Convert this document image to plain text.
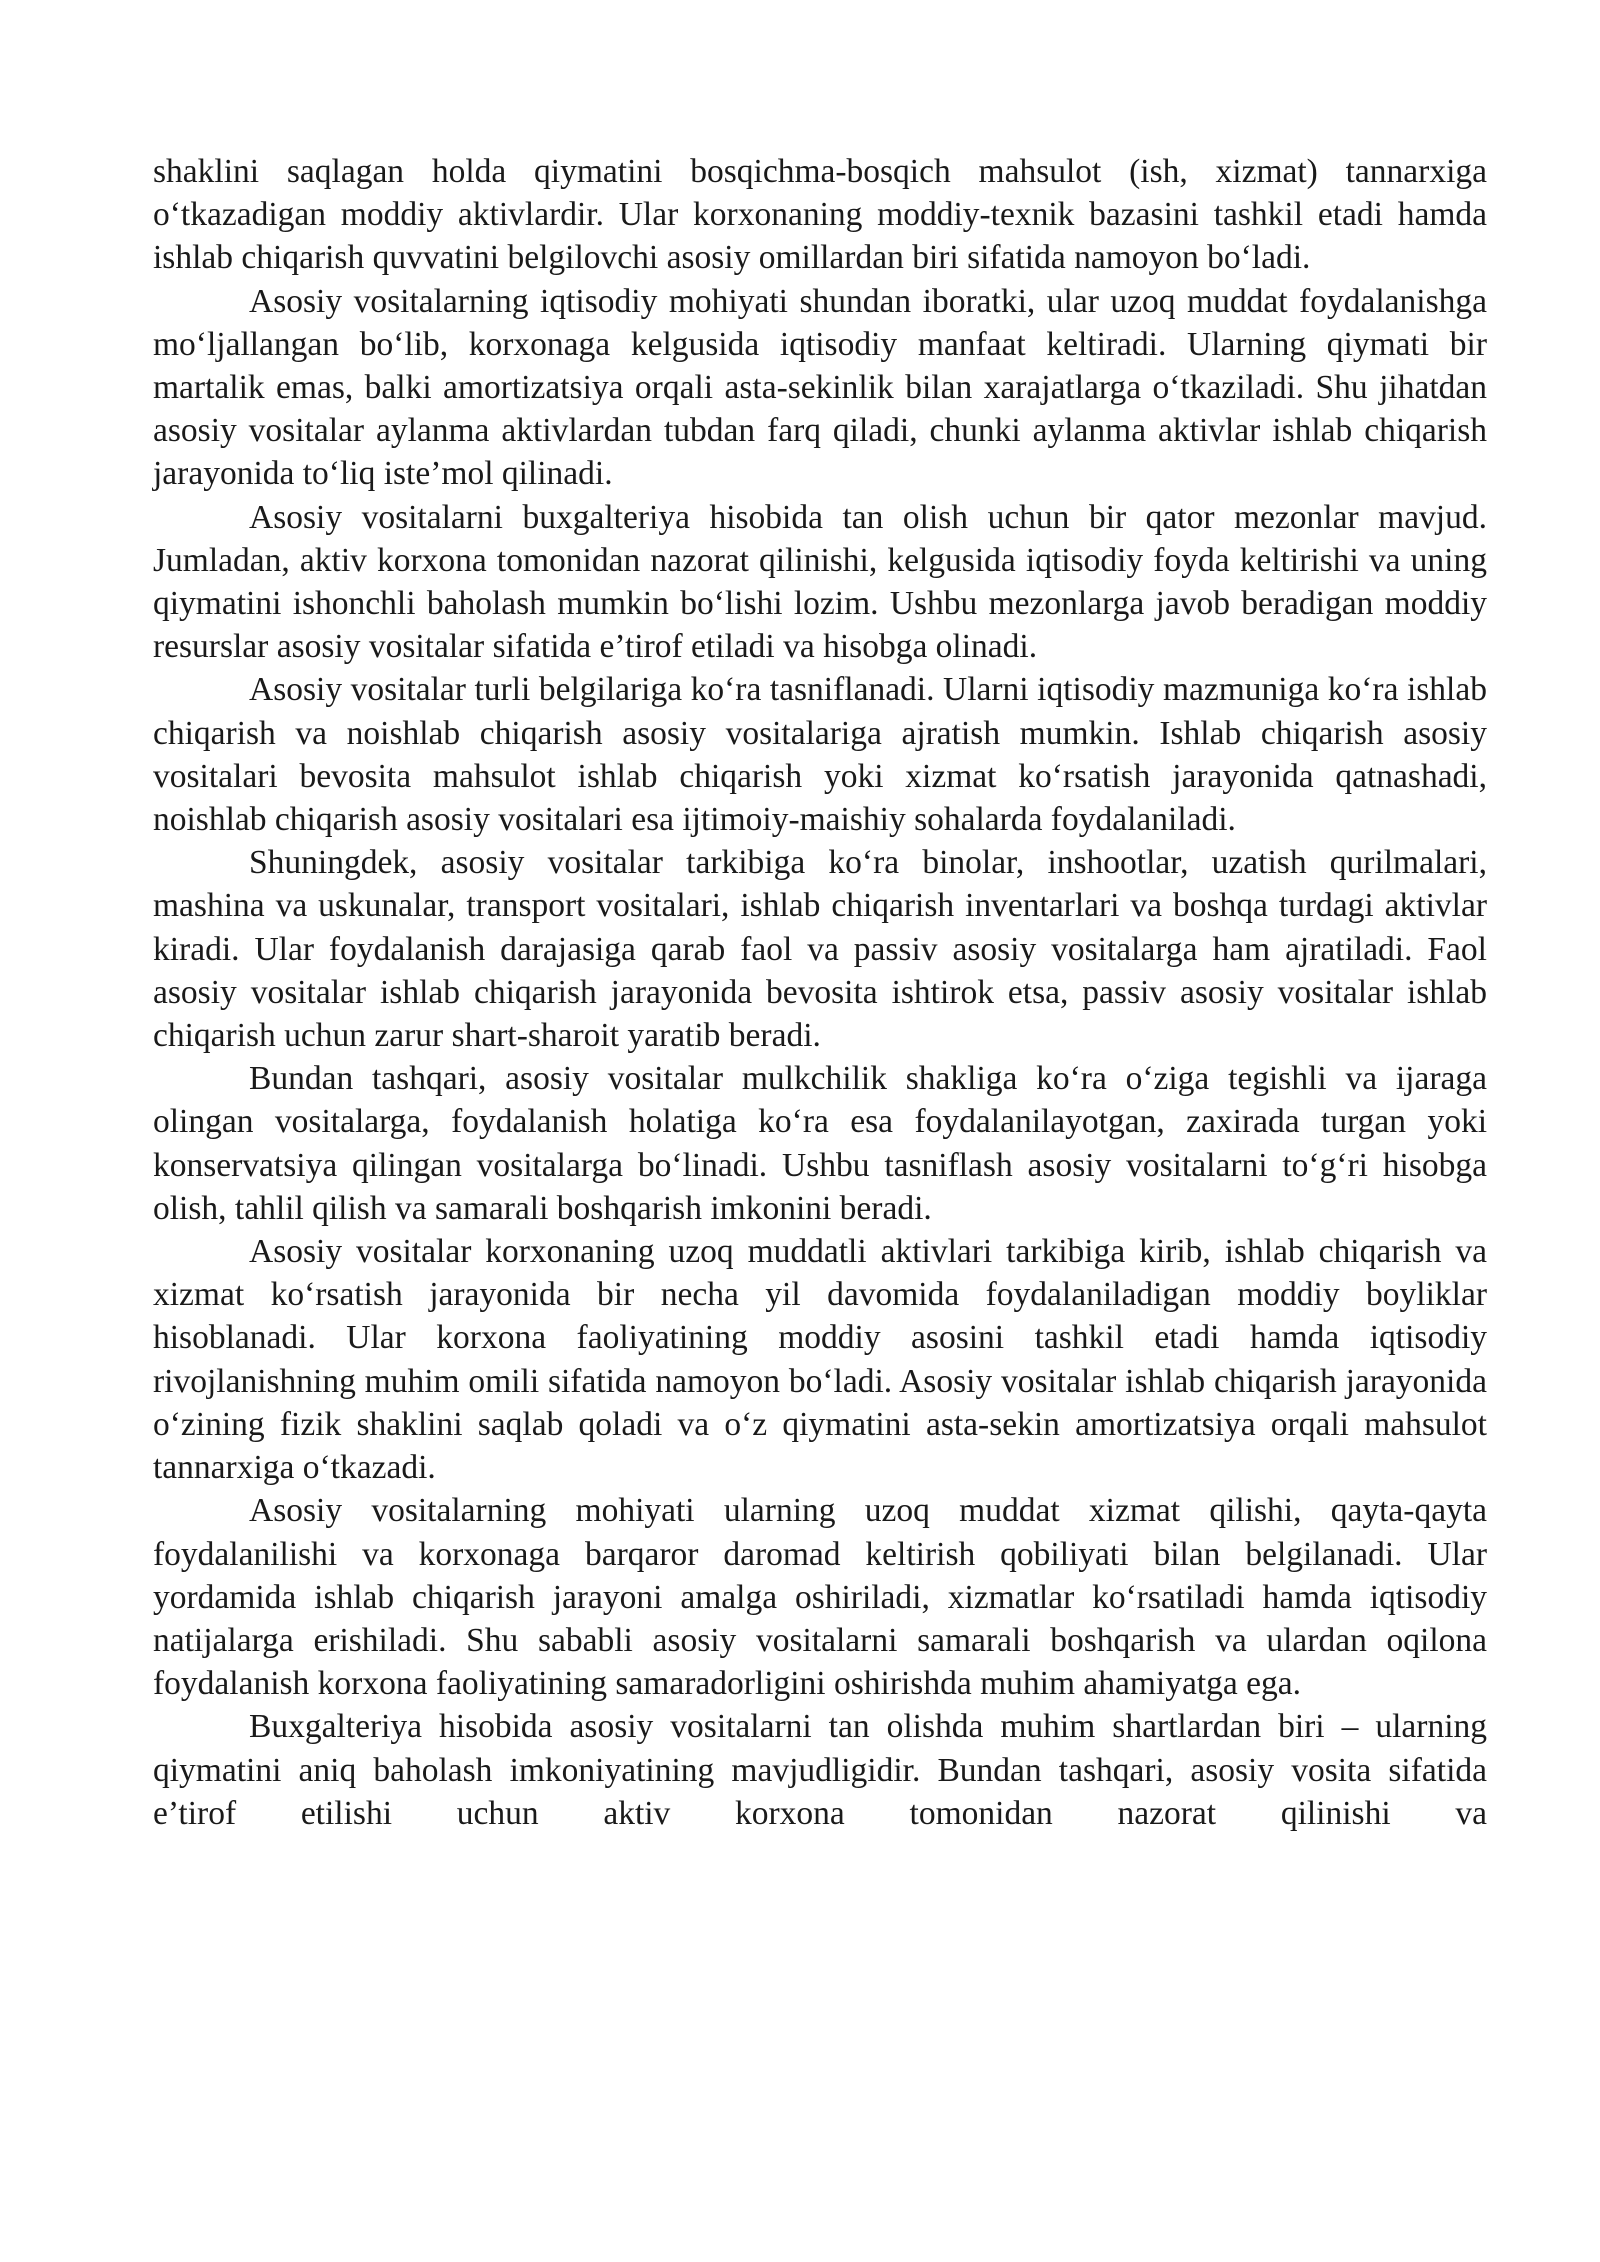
shaklini saqlagan holda qiymatini bosqichma-bosqich mahsulot (ish, xizmat) tannarxiga o‘tkazadigan moddiy aktivlardir. Ular korxonaning moddiy-texnik bazasini tashkil etadi hamda ishlab chiqarish quvvatini belgilovchi asosiy omillardan biri sifatida namoyon bo‘ladi.

Asosiy vositalarning iqtisodiy mohiyati shundan iboratki, ular uzoq muddat foydalanishga mo‘ljallangan bo‘lib, korxonaga kelgusida iqtisodiy manfaat keltiradi. Ularning qiymati bir martalik emas, balki amortizatsiya orqali asta-sekinlik bilan xarajatlarga o‘tkaziladi. Shu jihatdan asosiy vositalar aylanma aktivlardan tubdan farq qiladi, chunki aylanma aktivlar ishlab chiqarish jarayonida to‘liq iste’mol qilinadi.

Asosiy vositalarni buxgalteriya hisobida tan olish uchun bir qator mezonlar mavjud. Jumladan, aktiv korxona tomonidan nazorat qilinishi, kelgusida iqtisodiy foyda keltirishi va uning qiymatini ishonchli baholash mumkin bo‘lishi lozim. Ushbu mezonlarga javob beradigan moddiy resurslar asosiy vositalar sifatida e’tirof etiladi va hisobga olinadi.

Asosiy vositalar turli belgilariga ko‘ra tasniflanadi. Ularni iqtisodiy mazmuniga ko‘ra ishlab chiqarish va noishlab chiqarish asosiy vositalariga ajratish mumkin. Ishlab chiqarish asosiy vositalari bevosita mahsulot ishlab chiqarish yoki xizmat ko‘rsatish jarayonida qatnashadi, noishlab chiqarish asosiy vositalari esa ijtimoiy-maishiy sohalarda foydalaniladi.

Shuningdek, asosiy vositalar tarkibiga ko‘ra binolar, inshootlar, uzatish qurilmalari, mashina va uskunalar, transport vositalari, ishlab chiqarish inventarlari va boshqa turdagi aktivlar kiradi. Ular foydalanish darajasiga qarab faol va passiv asosiy vositalarga ham ajratiladi. Faol asosiy vositalar ishlab chiqarish jarayonida bevosita ishtirok etsa, passiv asosiy vositalar ishlab chiqarish uchun zarur shart-sharoit yaratib beradi.

Bundan tashqari, asosiy vositalar mulkchilik shakliga ko‘ra o‘ziga tegishli va ijaraga olingan vositalarga, foydalanish holatiga ko‘ra esa foydalanilayotgan, zaxirada turgan yoki konservatsiya qilingan vositalarga bo‘linadi. Ushbu tasniflash asosiy vositalarni to‘g‘ri hisobga olish, tahlil qilish va samarali boshqarish imkonini beradi.

Asosiy vositalar korxonaning uzoq muddatli aktivlari tarkibiga kirib, ishlab chiqarish va xizmat ko‘rsatish jarayonida bir necha yil davomida foydalaniladigan moddiy boyliklar hisoblanadi. Ular korxona faoliyatining moddiy asosini tashkil etadi hamda iqtisodiy rivojlanishning muhim omili sifatida namoyon bo‘ladi. Asosiy vositalar ishlab chiqarish jarayonida o‘zining fizik shaklini saqlab qoladi va o‘z qiymatini asta-sekin amortizatsiya orqali mahsulot tannarxiga o‘tkazadi.

Asosiy vositalarning mohiyati ularning uzoq muddat xizmat qilishi, qayta-qayta foydalanilishi va korxonaga barqaror daromad keltirish qobiliyati bilan belgilanadi. Ular yordamida ishlab chiqarish jarayoni amalga oshiriladi, xizmatlar ko‘rsatiladi hamda iqtisodiy natijalarga erishiladi. Shu sababli asosiy vositalarni samarali boshqarish va ulardan oqilona foydalanish korxona faoliyatining samaradorligini oshirishda muhim ahamiyatga ega.

Buxgalteriya hisobida asosiy vositalarni tan olishda muhim shartlardan biri – ularning qiymatini aniq baholash imkoniyatining mavjudligidir. Bundan tashqari, asosiy vosita sifatida e’tirof etilishi uchun aktiv korxona tomonidan nazorat qilinishi va
